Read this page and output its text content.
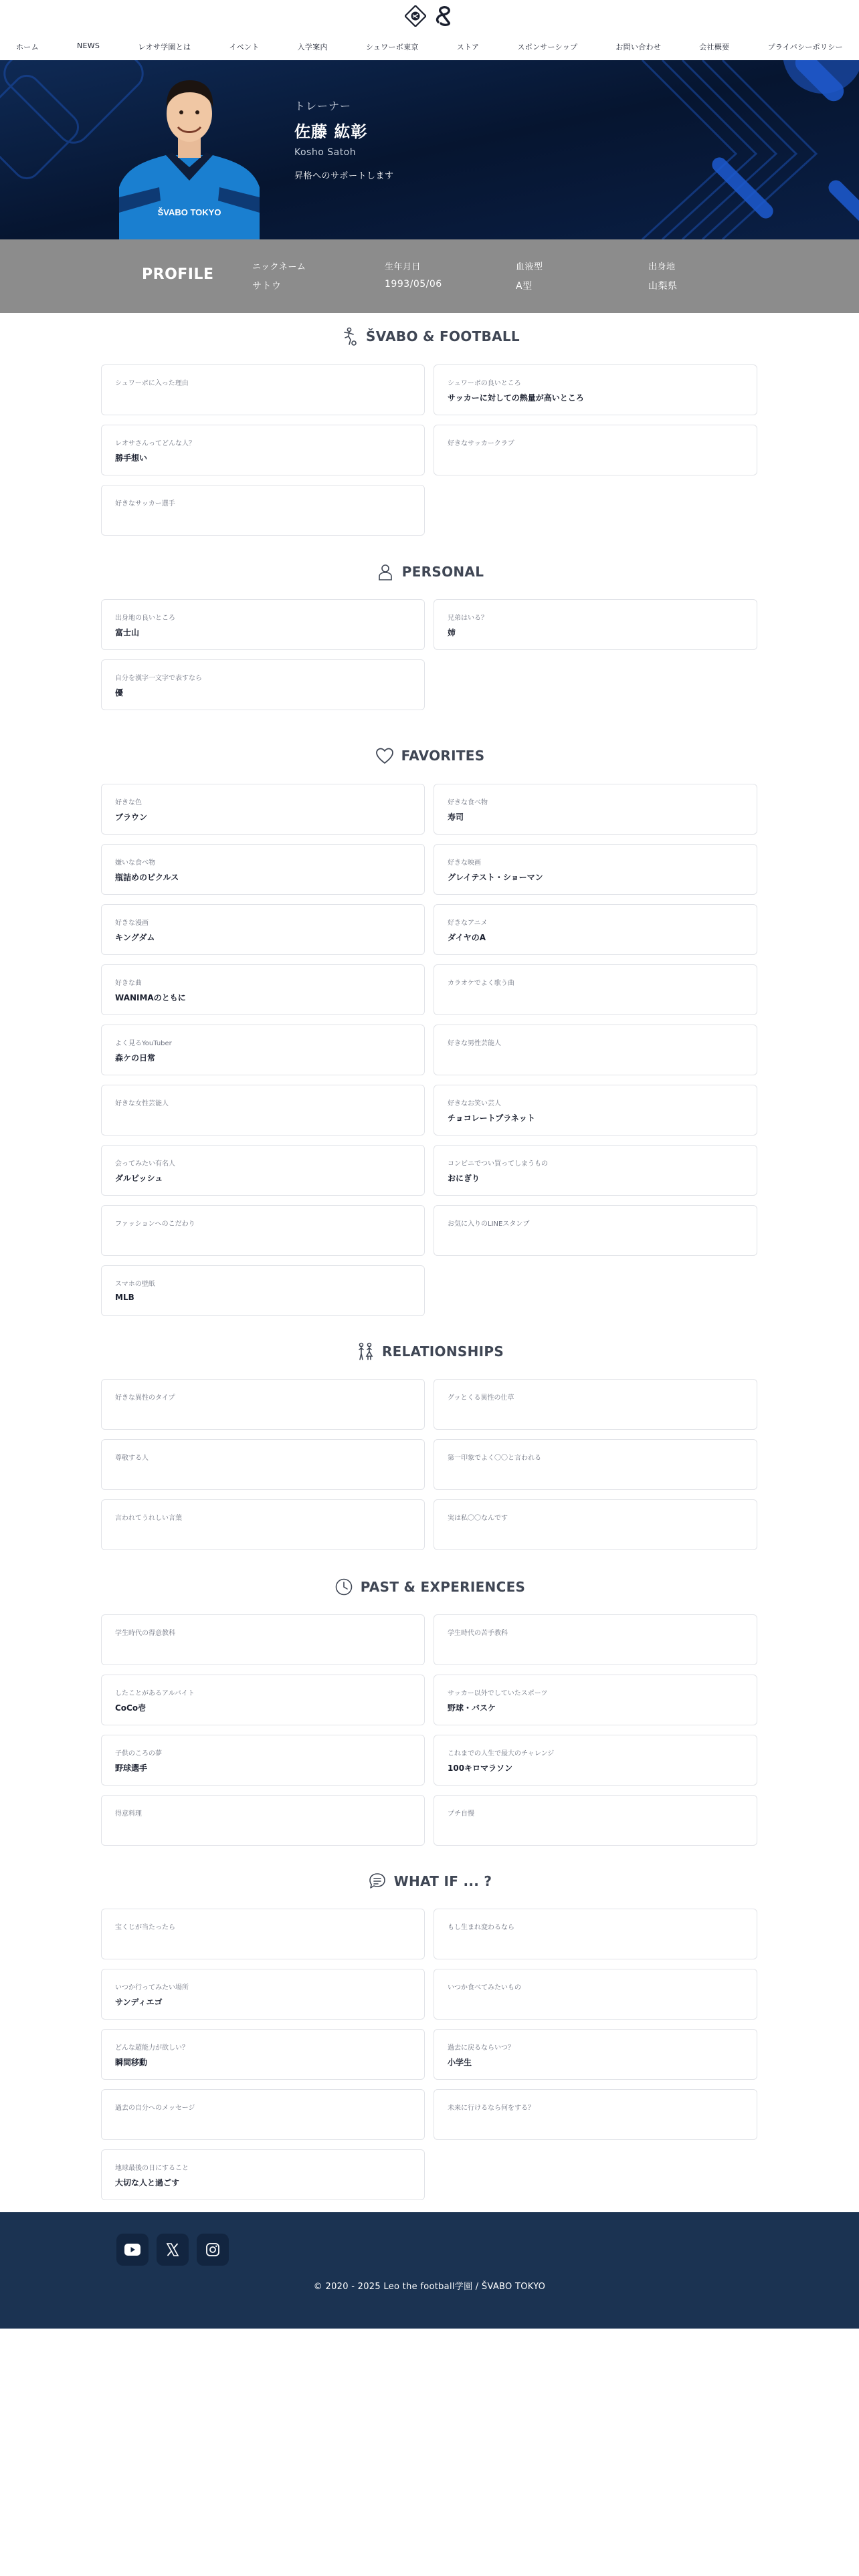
ホーム	NEWS	レオサ学園とは	イベント	入学案内	シュワーボ東京	ストア	スポンサーシップ	お問い合わせ	会社概要	プライバシーポリシー
ŠVABO TOKYO
トレーナー
佐藤 紘彰
Kosho Satoh
昇格へのサポートします
PROFILE	ニックネーム
サトウ
生年月日
1993/05/06
血液型
A型
出身地
山梨県
ŠVABO & FOOTBALL
シュワーボに入った理由	シュワーボの良いところ
サッカーに対しての熱量が高いところ
レオサさんってどんな人？
勝手想い
好きなサッカークラブ
好きなサッカー選手
PERSONAL
出身地の良いところ
富士山
兄弟はいる？
姉
自分を漢字一文字で表すなら
優
FAVORITES
好きな色
ブラウン
好きな食べ物
寿司
嫌いな食べ物
瓶詰めのピクルス
好きな映画
グレイテスト・ショーマン
好きな漫画
キングダム
好きなアニメ
ダイヤのA
好きな曲
WANIMAのともに
カラオケでよく歌う曲
よく見るYouTuber
森ケの日常
好きな男性芸能人
好きな女性芸能人	好きなお笑い芸人
チョコレートプラネット
会ってみたい有名人
ダルビッシュ
コンビニでつい買ってしまうもの
おにぎり
ファッションへのこだわり	お気に入りのLINEスタンプ
スマホの壁紙
MLB
RELATIONSHIPS
好きな異性のタイプ	グッとくる異性の仕草
尊敬する人	第一印象でよく〇〇と言われる
言われてうれしい言葉	実は私〇〇なんです
PAST & EXPERIENCES
学生時代の得意教科	学生時代の苦手教科
したことがあるアルバイト
CoCo壱
サッカー以外でしていたスポーツ
野球・バスケ
子供のころの夢
野球選手
これまでの人生で最大のチャレンジ
100キロマラソン
得意料理	プチ自慢
WHAT IF ... ?
宝くじが当たったら	もし生まれ変わるなら
いつか行ってみたい場所
サンディエゴ
いつか食べてみたいもの
どんな超能力が欲しい？
瞬間移動
過去に戻るならいつ？
小学生
過去の自分へのメッセージ	未来に行けるなら何をする？
地球最後の日にすること
大切な人と過ごす
© 2020 - 2025 Leo the football学園 / ŠVABO TOKYO
